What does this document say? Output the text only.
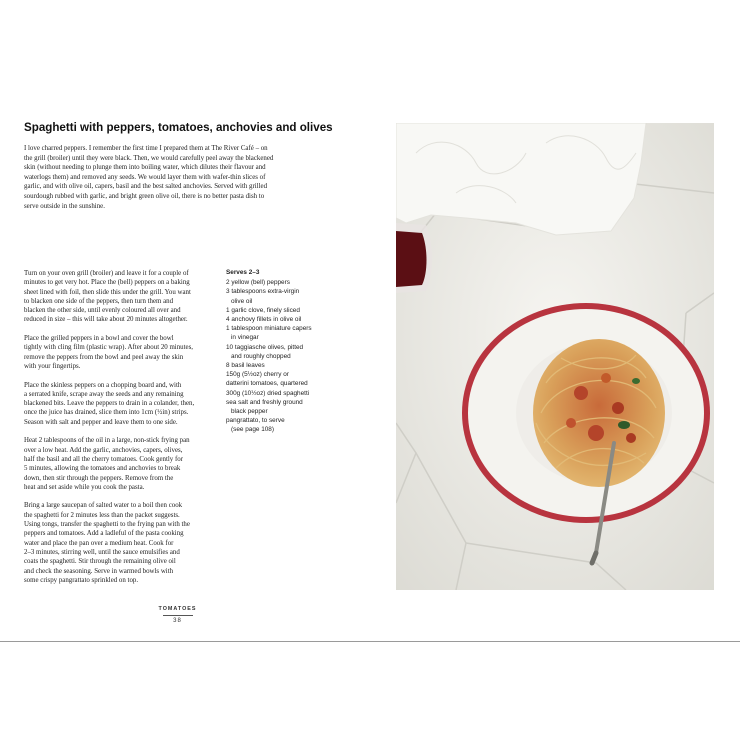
Spaghetti with peppers, tomatoes, anchovies and olives

I love charred peppers. I remember the first time I prepared them at The River Café – on
the grill (broiler) until they were black. Then, we would carefully peel away the blackened
skin (without needing to plunge them into boiling water, which dilutes their flavour and
waterlogs them) and removed any seeds. We would layer them with wafer-thin slices of
garlic, and with olive oil, capers, basil and the best salted anchovies. Served with grilled
sourdough rubbed with garlic, and bright green olive oil, there is no better pasta dish to
serve outside in the sunshine.

Turn on your oven grill (broiler) and leave it for a couple of
minutes to get very hot. Place the (bell) peppers on a baking
sheet lined with foil, then slide this under the grill. You want
to blacken one side of the peppers, then turn them and
blacken the other side, until evenly coloured all over and
reduced in size – this will take about 20 minutes altogether.

Place the grilled peppers in a bowl and cover the bowl
tightly with cling film (plastic wrap). After about 20 minutes,
remove the peppers from the bowl and peel away the skin
with your fingertips.

Place the skinless peppers on a chopping board and, with
a serrated knife, scrape away the seeds and any remaining
blackened bits. Leave the peppers to drain in a colander, then,
once the juice has drained, slice them into 1cm (½in) strips.
Season with salt and pepper and leave them to one side.

Heat 2 tablespoons of the oil in a large, non-stick frying pan
over a low heat. Add the garlic, anchovies, capers, olives,
half the basil and all the cherry tomatoes. Cook gently for
5 minutes, allowing the tomatoes and anchovies to break
down, then stir through the peppers. Remove from the
heat and set aside while you cook the pasta.

Bring a large saucepan of salted water to a boil then cook
the spaghetti for 2 minutes less than the packet suggests.
Using tongs, transfer the spaghetti to the frying pan with the
peppers and tomatoes. Add a ladleful of the pasta cooking
water and place the pan over a medium heat. Cook for
2–3 minutes, stirring well, until the sauce emulsifies and
coats the spaghetti. Stir through the remaining olive oil
and check the seasoning. Serve in warmed bowls with
some crispy pangrattato sprinkled on top.

Serves 2–3
2 yellow (bell) peppers
3 tablespoons extra-virgin
olive oil
1 garlic clove, finely sliced
4 anchovy fillets in olive oil
1 tablespoon miniature capers
in vinegar
10 taggiasche olives, pitted
and roughly chopped
8 basil leaves
150g (5½oz) cherry or
datterini tomatoes, quartered
300g (10½oz) dried spaghetti
sea salt and freshly ground
black pepper
pangrattato, to serve
(see page 108)
TOMATOES
38
